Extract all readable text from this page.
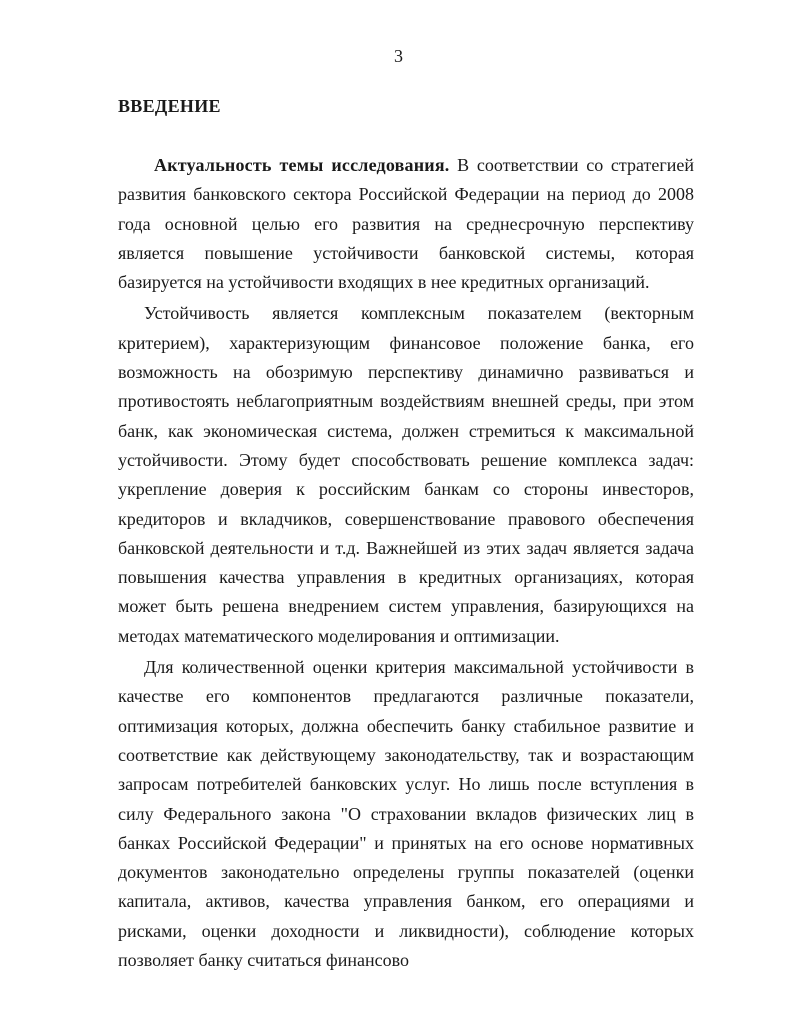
3
ВВЕДЕНИЕ

Актуальность темы исследования. В соответствии со стратегией развития банковского сектора Российской Федерации на период до 2008 года основной целью его развития на среднесрочную перспективу является повышение устойчивости банковской системы, которая базируется на устойчивости входящих в нее кредитных организаций.

Устойчивость является комплексным показателем (векторным критерием), характеризующим финансовое положение банка, его возможность на обозримую перспективу динамично развиваться и противостоять неблагоприятным воздействиям внешней среды, при этом банк, как экономическая система, должен стремиться к максимальной устойчивости. Этому будет способствовать решение комплекса задач: укрепление доверия к российским банкам со стороны инвесторов, кредиторов и вкладчиков, совершенствование правового обеспечения банковской деятельности и т.д. Важнейшей из этих задач является задача повышения качества управления в кредитных организациях, которая может быть решена внедрением систем управления, базирующихся на методах математического моделирования и оптимизации.

Для количественной оценки критерия максимальной устойчивости в качестве его компонентов предлагаются различные показатели, оптимизация которых, должна обеспечить банку стабильное развитие и соответствие как действующему законодательству, так и возрастающим запросам потребителей банковских услуг. Но лишь после вступления в силу Федерального закона "О страховании вкладов физических лиц в банках Российской Федерации" и принятых на его основе нормативных документов законодательно определены группы показателей (оценки капитала, активов, качества управления банком, его операциями и рисками, оценки доходности и ликвидности), соблюдение которых позволяет банку считаться финансово
